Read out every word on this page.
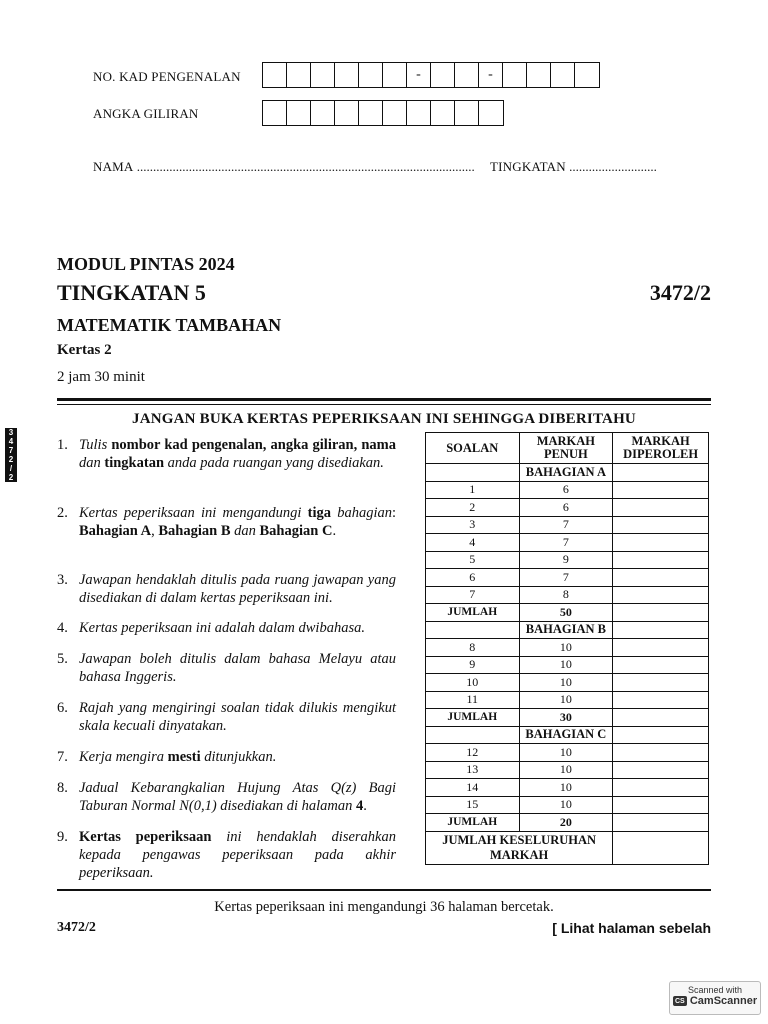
NO. KAD PENGENALAN	-	-
ANGKA GILIRAN
NAMA ........................................................................................................ TINGKATAN ...........................
MODUL PINTAS 2024
TINGKATAN 5	3472/2
MATEMATIK TAMBAHAN
Kertas 2
2 jam 30 minit
JANGAN BUKA KERTAS PEPERIKSAAN INI SEHINGGA DIBERITAHU
3
4
7
2
/
2
1. Tulis nombor kad pengenalan, angka giliran, nama dan tingkatan anda pada ruangan yang disediakan.
2. Kertas peperiksaan ini mengandungi tiga bahagian: Bahagian A, Bahagian B dan Bahagian C.
3. Jawapan hendaklah ditulis pada ruang jawapan yang disediakan di dalam kertas peperiksaan ini.
4. Kertas peperiksaan ini adalah dalam dwibahasa.
5. Jawapan boleh ditulis dalam bahasa Melayu atau bahasa Inggeris.
6. Rajah yang mengiringi soalan tidak dilukis mengikut skala kecuali dinyatakan.
7. Kerja mengira mesti ditunjukkan.
8. Jadual Kebarangkalian Hujung Atas Q(z) Bagi Taburan Normal N(0,1) disediakan di halaman 4.
9. Kertas peperiksaan ini hendaklah diserahkan kepada pengawas peperiksaan pada akhir peperiksaan.
SOALAN	MARKAH PENUH	MARKAH DIPEROLEH
	BAHAGIAN A	
1	6	
2	6	
3	7	
4	7	
5	9	
6	7	
7	8	
JUMLAH	50	
	BAHAGIAN B	
8	10	
9	10	
10	10	
11	10	
JUMLAH	30	
	BAHAGIAN C	
12	10	
13	10	
14	10	
15	10	
JUMLAH	20	
JUMLAH KESELURUHAN MARKAH		
Kertas peperiksaan ini mengandungi 36 halaman bercetak.
3472/2	[ Lihat halaman sebelah
Scanned with
CS CamScanner
